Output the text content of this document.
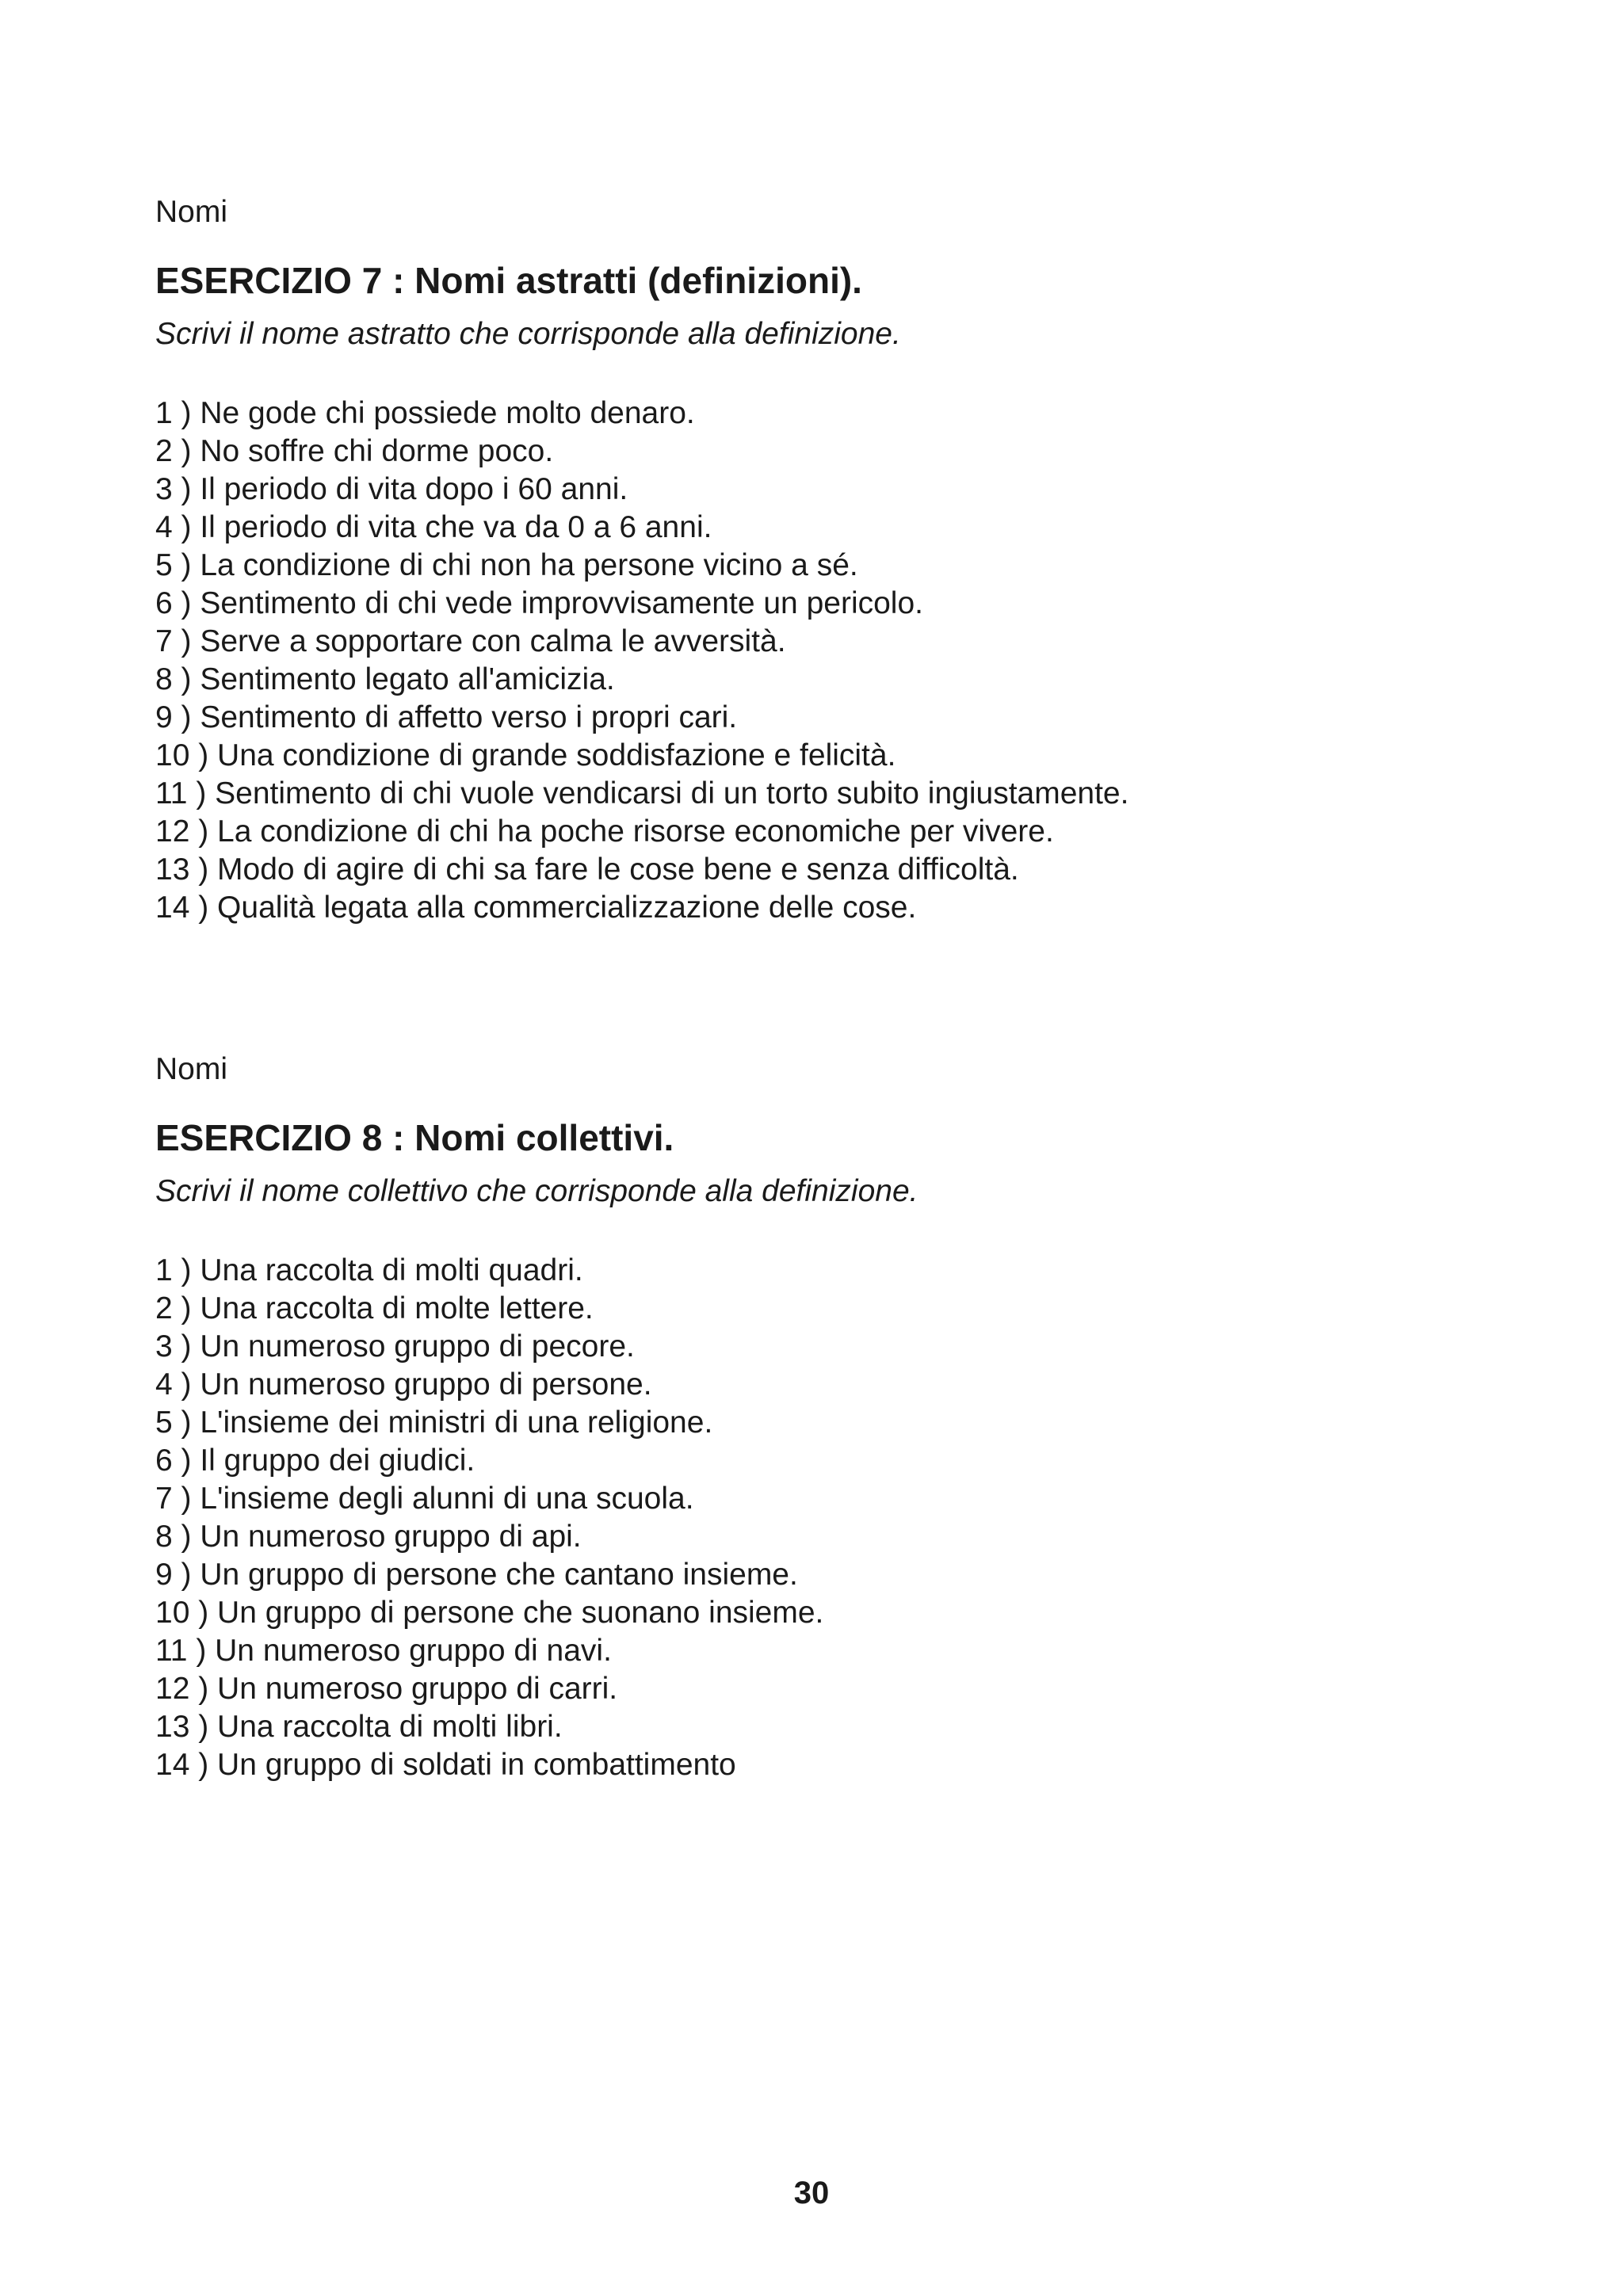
Nomi

ESERCIZIO 7 : Nomi astratti (definizioni).

Scrivi il nome astratto che corrisponde alla definizione.

1 ) Ne gode chi possiede molto denaro.
2 ) No soffre chi dorme poco.
3 ) Il periodo di vita dopo i 60 anni.
4 ) Il periodo di vita che va da 0 a 6 anni.
5 ) La condizione di chi non ha persone vicino a sé.
6 ) Sentimento di chi vede improvvisamente un pericolo.
7 ) Serve a sopportare con calma le avversità.
8 ) Sentimento legato all'amicizia.
9 ) Sentimento di affetto verso i propri cari.
10 ) Una condizione di grande soddisfazione e felicità.
11 ) Sentimento di chi vuole vendicarsi di un torto subito ingiustamente.
12 ) La condizione di chi ha poche risorse economiche per vivere.
13 ) Modo di agire di chi sa fare le cose bene e senza difficoltà.
14 ) Qualità legata alla commercializzazione delle cose.

Nomi

ESERCIZIO 8 : Nomi collettivi.

Scrivi il nome collettivo che corrisponde alla definizione.

1 ) Una raccolta di molti quadri.
2 ) Una raccolta di molte lettere.
3 ) Un numeroso gruppo di pecore.
4 ) Un numeroso gruppo di persone.
5 ) L'insieme dei ministri di una religione.
6 ) Il gruppo dei giudici.
7 ) L'insieme degli alunni di una scuola.
8 ) Un numeroso gruppo di api.
9 ) Un gruppo di persone che cantano insieme.
10 ) Un gruppo di persone che suonano insieme.
11 ) Un numeroso gruppo di navi.
12 ) Un numeroso gruppo di carri.
13 ) Una raccolta di molti libri.
14 ) Un gruppo di soldati in combattimento
30
